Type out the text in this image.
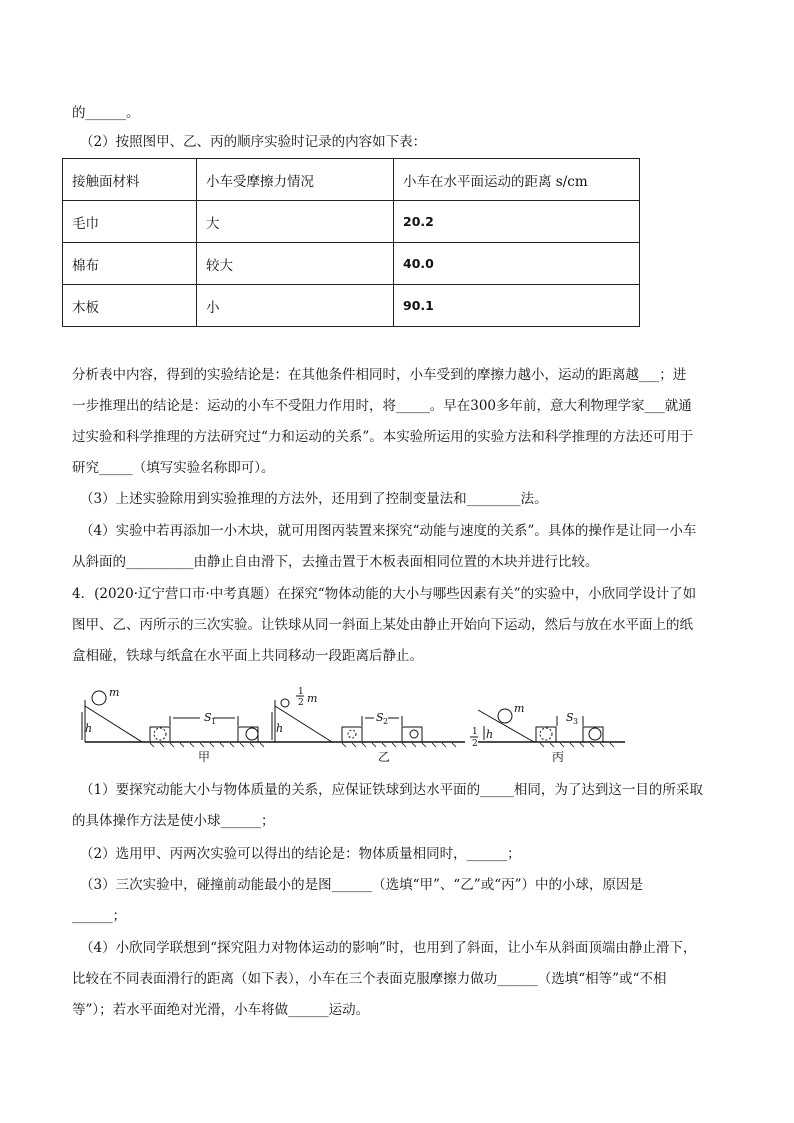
的______。
（2）按照图甲、乙、丙的顺序实验时记录的内容如下表：
接触面材料	小车受摩擦力情况	小车在水平面运动的距离 s/cm
毛巾	大	20.2
棉布	较大	40.0
木板	小	90.1
分析表中内容，得到的实验结论是：在其他条件相同时，小车受到的摩擦力越小，运动的距离越___；进
一步推理出的结论是：运动的小车不受阻力作用时，将_____。早在300多年前，意大利物理学家___就通
过实验和科学推理的方法研究过“力和运动的关系”。本实验所运用的实验方法和科学推理的方法还可用于
研究_____（填写实验名称即可）。
（3）上述实验除用到实验推理的方法外，还用到了控制变量法和________法。
（4）实验中若再添加一小木块，就可用图丙装置来探究“动能与速度的关系”。具体的操作是让同一小车
从斜面的__________由静止自由滑下，去撞击置于木板表面相同位置的木块并进行比较。
4．(2020·辽宁营口市·中考真题）在探究“物体动能的大小与哪些因素有关”的实验中，小欣同学设计了如
图甲、乙、丙所示的三次实验。让铁球从同一斜面上某处由静止开始向下运动，然后与放在水平面上的纸
盒相碰，铁球与纸盒在水平面上共同移动一段距离后静止。
m
S 1
h
甲
1
2 m
S 2
h
乙
m
S 3
1
2
h
丙
（1）要探究动能大小与物体质量的关系，应保证铁球到达水平面的_____相同，为了达到这一目的所采取
的具体操作方法是使小球______；
（2）选用甲、丙两次实验可以得出的结论是：物体质量相同时，______；
（3）三次实验中，碰撞前动能最小的是图______（选填“甲”、“乙”或“丙”）中的小球，原因是
______；
（4）小欣同学联想到“探究阻力对物体运动的影响”时，也用到了斜面，让小车从斜面顶端由静止滑下，
比较在不同表面滑行的距离（如下表），小车在三个表面克服摩擦力做功______（选填“相等”或“不相
等”）；若水平面绝对光滑，小车将做______运动。
